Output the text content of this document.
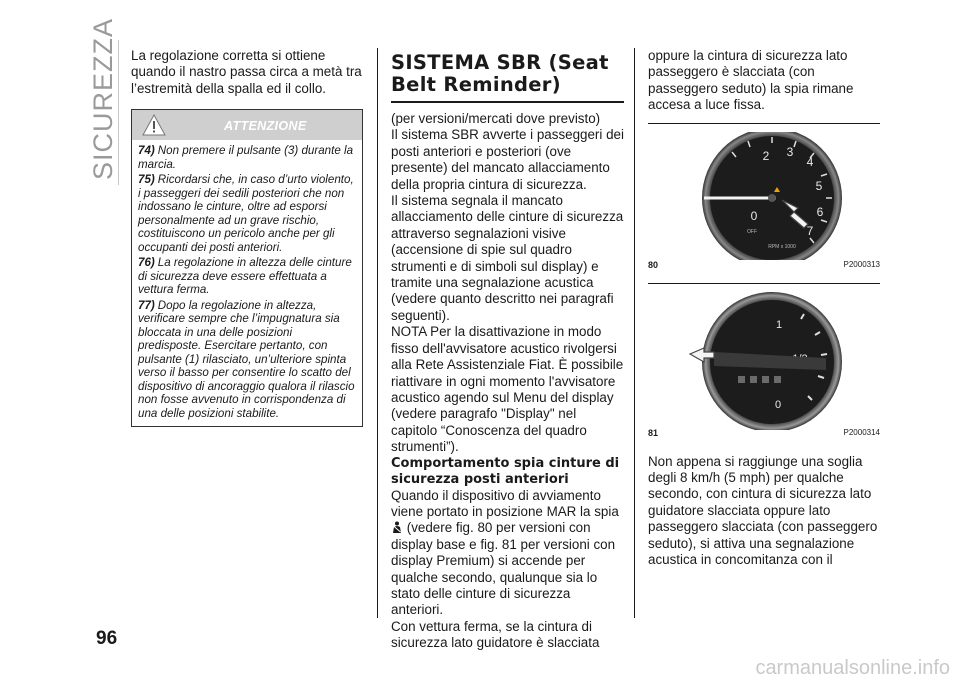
SICUREZZA La regolazione corretta si ottiene quando il nastro passa circa a metà tra l’estremità della spalla ed il collo.

ATTENZIONE
74) Non premere il pulsante (3) durante la marcia.
75) Ricordarsi che, in caso d’urto violento, i passeggeri dei sedili posteriori che non indossano le cinture, oltre ad esporsi personalmente ad un grave rischio, costituiscono un pericolo anche per gli occupanti dei posti anteriori.
76) La regolazione in altezza delle cinture di sicurezza deve essere effettuata a vettura ferma.
77) Dopo la regolazione in altezza, verificare sempre che l’impugnatura sia bloccata in una delle posizioni predisposte. Esercitare pertanto, con pulsante (1) rilasciato, un’ulteriore spinta verso il basso per consentire lo scatto del dispositivo di ancoraggio qualora il rilascio non fosse avvenuto in corrispondenza di una delle posizioni stabilite.
SISTEMA SBR (Seat Belt Reminder)

(per versioni/mercati dove previsto)

Il sistema SBR avverte i passeggeri dei posti anteriori e posteriori (ove presente) del mancato allacciamento della propria cintura di sicurezza.

Il sistema segnala il mancato allacciamento delle cinture di sicurezza attraverso segnalazioni visive (accensione di spie sul quadro strumenti e di simboli sul display) e tramite una segnalazione acustica (vedere quanto descritto nei paragrafi seguenti).

NOTA Per la disattivazione in modo fisso dell'avvisatore acustico rivolgersi alla Rete Assistenziale Fiat. È possibile riattivare in ogni momento l'avvisatore acustico agendo sul Menu del display (vedere paragrafo "Display" nel capitolo “Conoscenza del quadro strumenti”).

Comportamento spia cinture di sicurezza posti anteriori

Quando il dispositivo di avviamento viene portato in posizione MAR la spia  (vedere fig. 80 per versioni con display base e fig. 81 per versioni con display Premium) si accende per qualche secondo, qualunque sia lo stato delle cinture di sicurezza anteriori.

Con vettura ferma, se la cintura di sicurezza lato guidatore è slacciata

oppure la cintura di sicurezza lato passeggero è slacciata (con passeggero seduto) la spia rimane accesa a luce fissa.

2 3
4
5
6
7
0
OFF
RPM x 1000
80	P2000313
1
0
81	P2000314

Non appena si raggiunge una soglia degli 8 km/h (5 mph) per qualche secondo, con cintura di sicurezza lato guidatore slacciata oppure lato passeggero slacciata (con passeggero seduto), si attiva una segnalazione acustica in concomitanza con il

96
carmanualsonline.info
